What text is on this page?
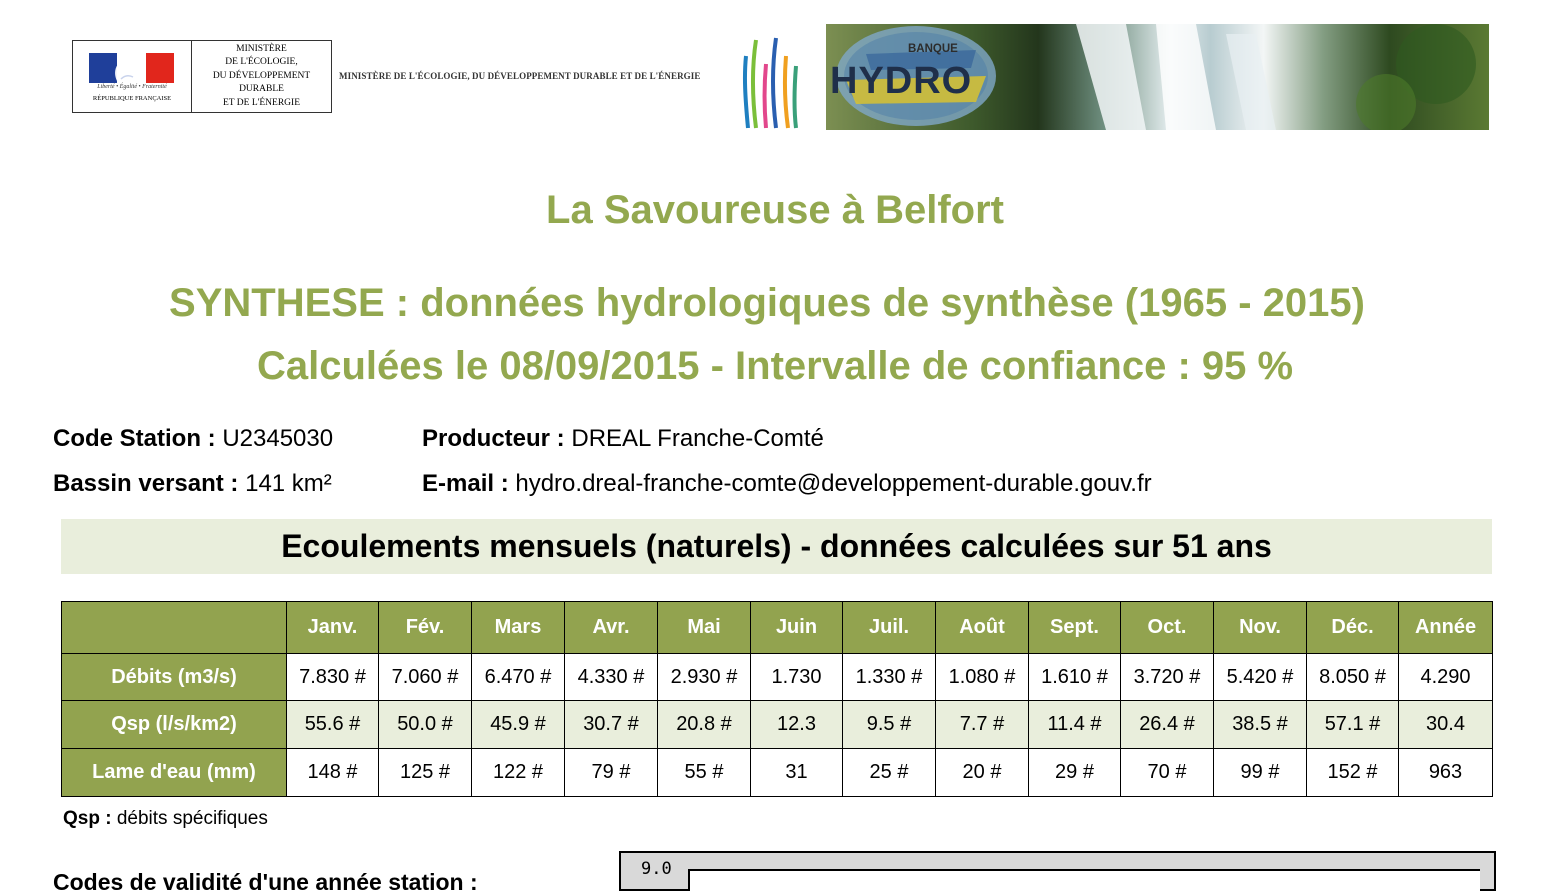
Liberté • Égalité • Fraternité
RÉPUBLIQUE FRANÇAISE
MINISTÈRE
DE L'ÉCOLOGIE,
DU DÉVELOPPEMENT
DURABLE
ET DE L'ÉNERGIE
MINISTÈRE DE L'ÉCOLOGIE, DU DÉVELOPPEMENT DURABLE ET DE L'ÉNERGIE
BANQUE
HYDRO
La Savoureuse à Belfort
SYNTHESE : données hydrologiques de synthèse (1965 - 2015)
Calculées le 08/09/2015 - Intervalle de confiance : 95 %
Code Station : U2345030
Bassin versant : 141 km²
Producteur : DREAL Franche-Comté
E-mail : hydro.dreal-franche-comte@developpement-durable.gouv.fr
Ecoulements mensuels (naturels) - données calculées sur 51 ans
	Janv.	Fév.	Mars	Avr.	Mai	Juin	Juil.	Août	Sept.	Oct.	Nov.	Déc.	Année
Débits (m3/s)	7.830 #	7.060 #	6.470 #	4.330 #	2.930 #	1.730	1.330 #	1.080 #	1.610 #	3.720 #	5.420 #	8.050 #	4.290
Qsp (l/s/km2)	55.6 #	50.0 #	45.9 #	30.7 #	20.8 #	12.3	9.5 #	7.7 #	11.4 #	26.4 #	38.5 #	57.1 #	30.4
Lame d'eau (mm)	148 #	125 #	122 #	79 #	55 #	31	25 #	20 #	29 #	70 #	99 #	152 #	963
Qsp : débits spécifiques
Codes de validité d'une année station :	9.0
